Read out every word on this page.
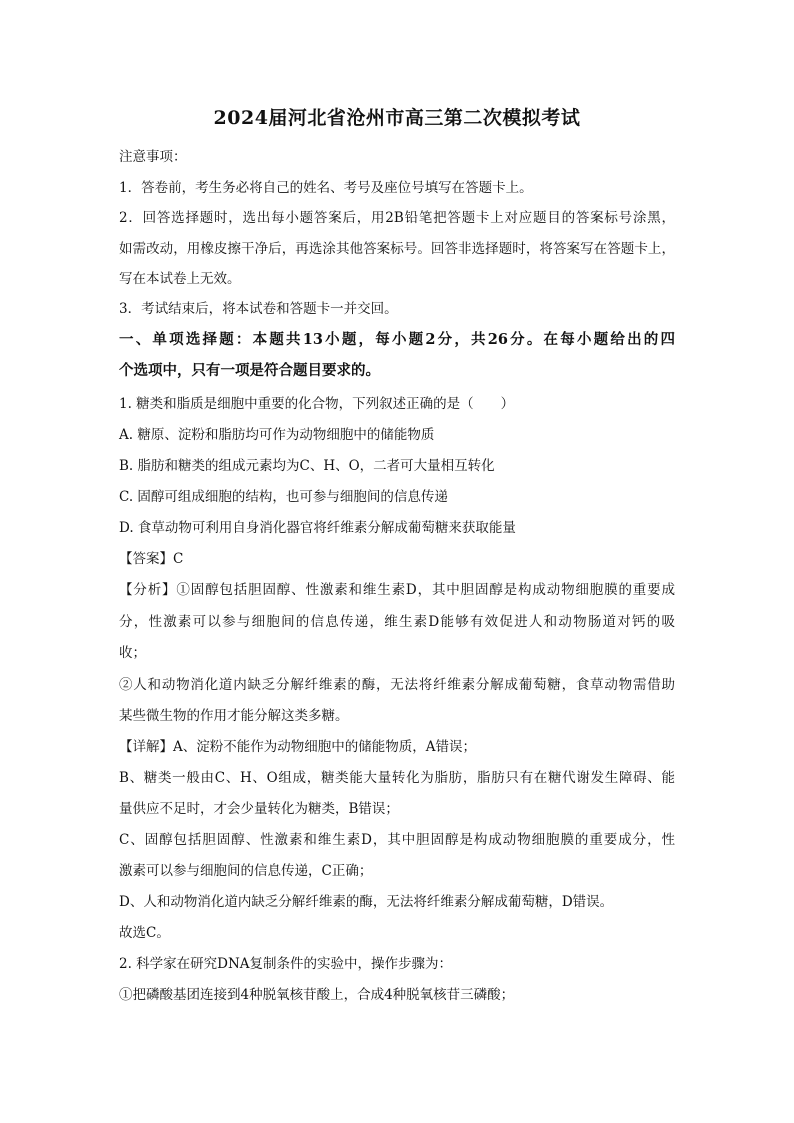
2024届河北省沧州市高三第二次模拟考试
注意事项：
1．答卷前，考生务必将自己的姓名、考号及座位号填写在答题卡上。
2．回答选择题时，选出每小题答案后，用2B铅笔把答题卡上对应题目的答案标号涂黑，
如需改动，用橡皮擦干净后，再选涂其他答案标号。回答非选择题时，将答案写在答题卡上，
写在本试卷上无效。
3．考试结束后，将本试卷和答题卡一并交回。
一、单项选择题：本题共13小题，每小题2分，共26分。在每小题给出的四
个选项中，只有一项是符合题目要求的。
1. 糖类和脂质是细胞中重要的化合物，下列叙述正确的是（　　）
A. 糖原、淀粉和脂肪均可作为动物细胞中的储能物质
B. 脂肪和糖类的组成元素均为C、H、O，二者可大量相互转化
C. 固醇可组成细胞的结构，也可参与细胞间的信息传递
D. 食草动物可利用自身消化器官将纤维素分解成葡萄糖来获取能量
【答案】C
【分析】①固醇包括胆固醇、性激素和维生素D，其中胆固醇是构成动物细胞膜的重要成
分，性激素可以参与细胞间的信息传递，维生素D能够有效促进人和动物肠道对钙的吸
收；
②人和动物消化道内缺乏分解纤维素的酶，无法将纤维素分解成葡萄糖，食草动物需借助
某些微生物的作用才能分解这类多糖。
【详解】A、淀粉不能作为动物细胞中的储能物质，A错误；
B、糖类一般由C、H、O组成，糖类能大量转化为脂肪，脂肪只有在糖代谢发生障碍、能
量供应不足时，才会少量转化为糖类，B错误；
C、固醇包括胆固醇、性激素和维生素D，其中胆固醇是构成动物细胞膜的重要成分，性
激素可以参与细胞间的信息传递，C正确；
D、人和动物消化道内缺乏分解纤维素的酶，无法将纤维素分解成葡萄糖，D错误。
故选C。
2. 科学家在研究DNA复制条件的实验中，操作步骤为：
①把磷酸基团连接到4种脱氧核苷酸上，合成4种脱氧核苷三磷酸；
